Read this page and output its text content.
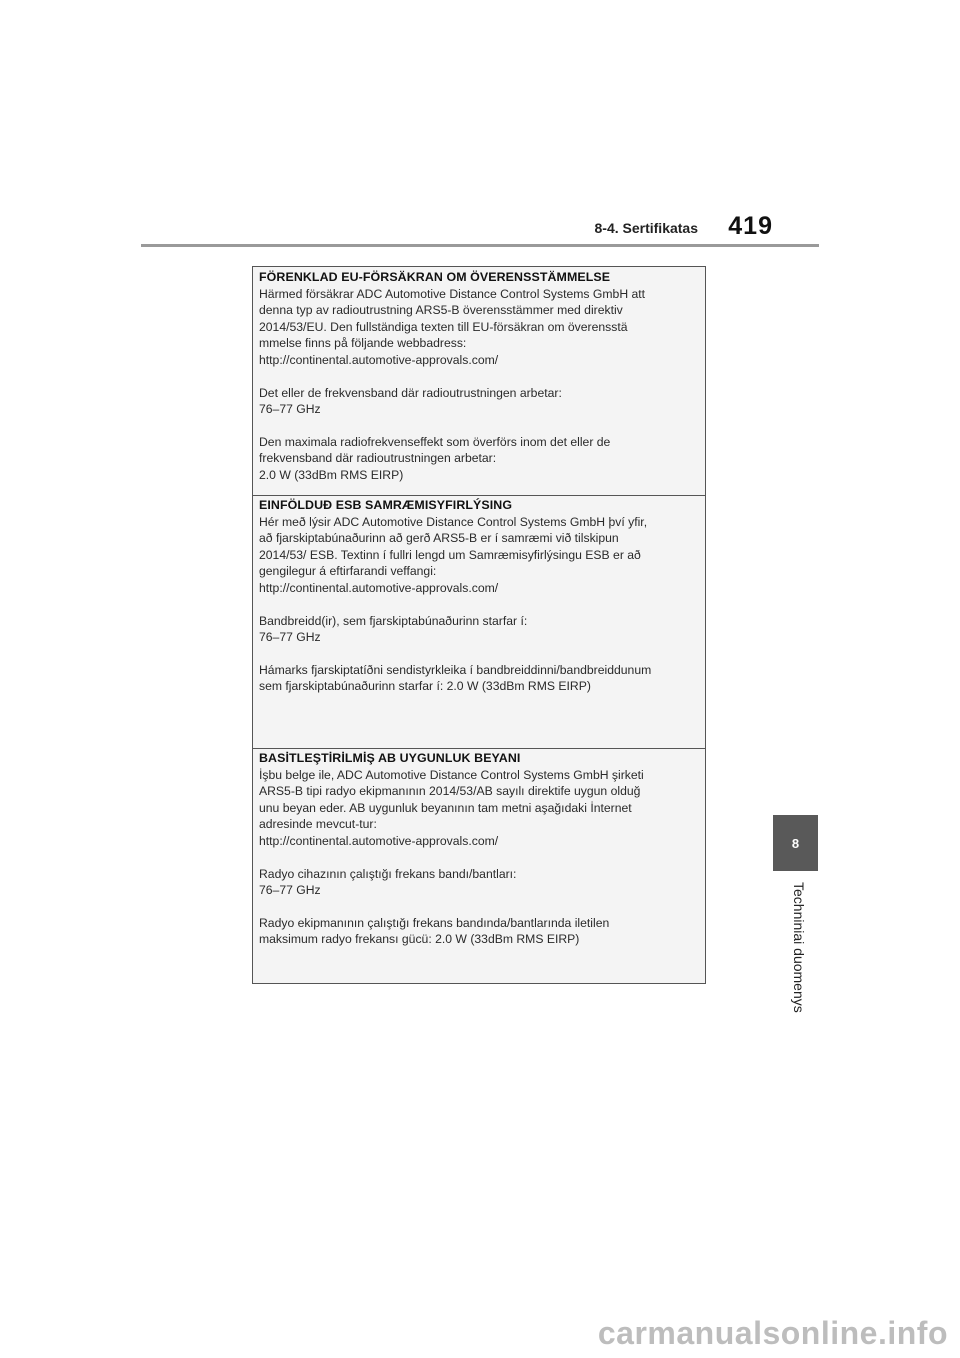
8-4. Sertifikatas 419
FÖRENKLAD EU-FÖRSÄKRAN OM ÖVERENSSTÄMMELSE

Härmed försäkrar ADC Automotive Distance Control Systems GmbH att

denna typ av radioutrustning ARS5-B överensstämmer med direktiv

2014/53/EU. Den fullständiga texten till EU-försäkran om överensstä

mmelse finns på följande webbadress:

http://continental.automotive-approvals.com/

Det eller de frekvensband där radioutrustningen arbetar:

76–77 GHz

Den maximala radiofrekvenseffekt som överförs inom det eller de

frekvensband där radioutrustningen arbetar:

2.0 W (33dBm RMS EIRP)

EINFÖLDUÐ ESB SAMRÆMISYFIRLÝSING

Hér með lýsir ADC Automotive Distance Control Systems GmbH því yfir,

að fjarskiptabúnaðurinn að gerð ARS5-B er í samræmi við tilskipun

2014/53/ ESB. Textinn í fullri lengd um Samræmisyfirlýsingu ESB er að

gengilegur á eftirfarandi veffangi:

http://continental.automotive-approvals.com/

Bandbreidd(ir), sem fjarskiptabúnaðurinn starfar í:

76–77 GHz

Hámarks fjarskiptatíðni sendistyrkleika í bandbreiddinni/bandbreiddunum

sem fjarskiptabúnaðurinn starfar í: 2.0 W (33dBm RMS EIRP)

BASİTLEŞTİRİLMİŞ AB UYGUNLUK BEYANI

İşbu belge ile, ADC Automotive Distance Control Systems GmbH şirketi

ARS5-B tipi radyo ekipmanının 2014/53/AB sayılı direktife uygun olduğ

unu beyan eder. AB uygunluk beyanının tam metni aşağıdaki İnternet

adresinde mevcut-tur:

http://continental.automotive-approvals.com/

Radyo cihazının çalıştığı frekans bandı/bantları:

76–77 GHz

Radyo ekipmanının çalıştığı frekans bandında/bantlarında iletilen

maksimum radyo frekansı gücü: 2.0 W (33dBm RMS EIRP)

8
Techniniai duomenys
carmanualsonline.info
